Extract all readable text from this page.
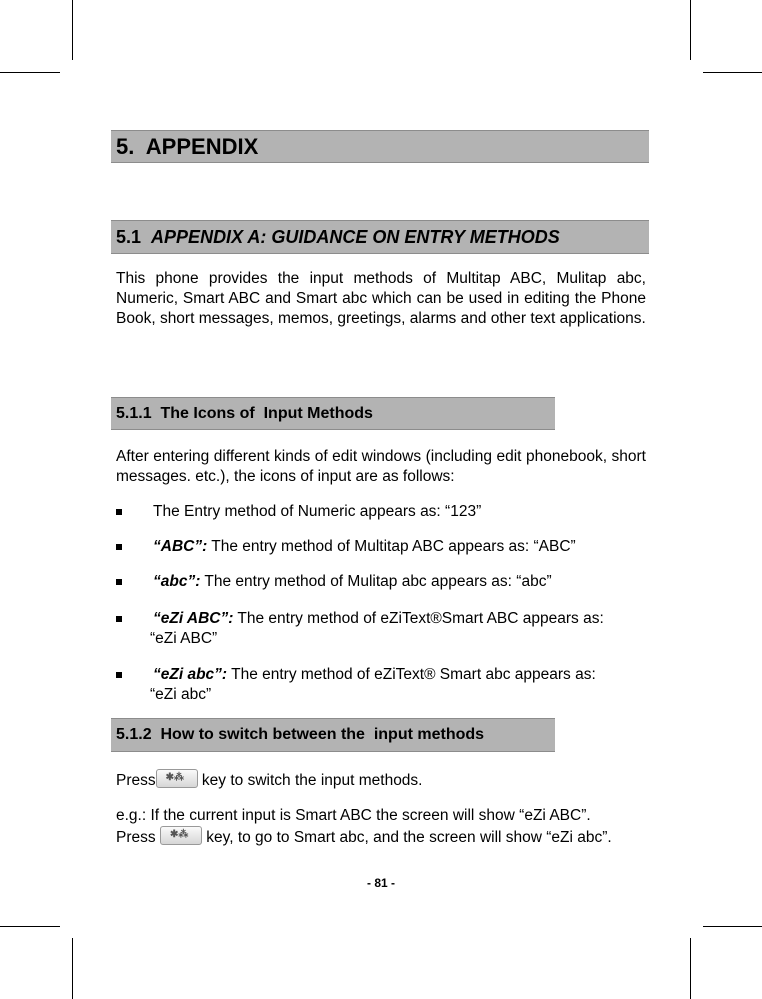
5. APPENDIX
5.1 APPENDIX A: GUIDANCE ON ENTRY METHODS
This phone provides the input methods of Multitap ABC, Mulitap abc, Numeric, Smart ABC and Smart abc which can be used in editing the Phone Book, short messages, memos, greetings, alarms and other text applications.
5.1.1 The Icons of  Input Methods
After entering different kinds of edit windows (including edit phonebook, short messages. etc.), the icons of input are as follows:
The Entry method of Numeric appears as: “123”
“ABC”: The entry method of Multitap ABC appears as: “ABC”
“abc”: The entry method of Mulitap abc appears as: “abc”
“eZi ABC”: The entry method of eZiText®Smart ABC appears as:
“eZi ABC”
“eZi abc”: The entry method of eZiText® Smart abc appears as:
“eZi abc”
5.1.2 How to switch between the  input methods
Press ✱⁂ key to switch the input methods.
e.g.: If the current input is Smart ABC the screen will show “eZi ABC”.
Press ✱⁂ key, to go to Smart abc, and the screen will show “eZi abc”.
- 81 -
